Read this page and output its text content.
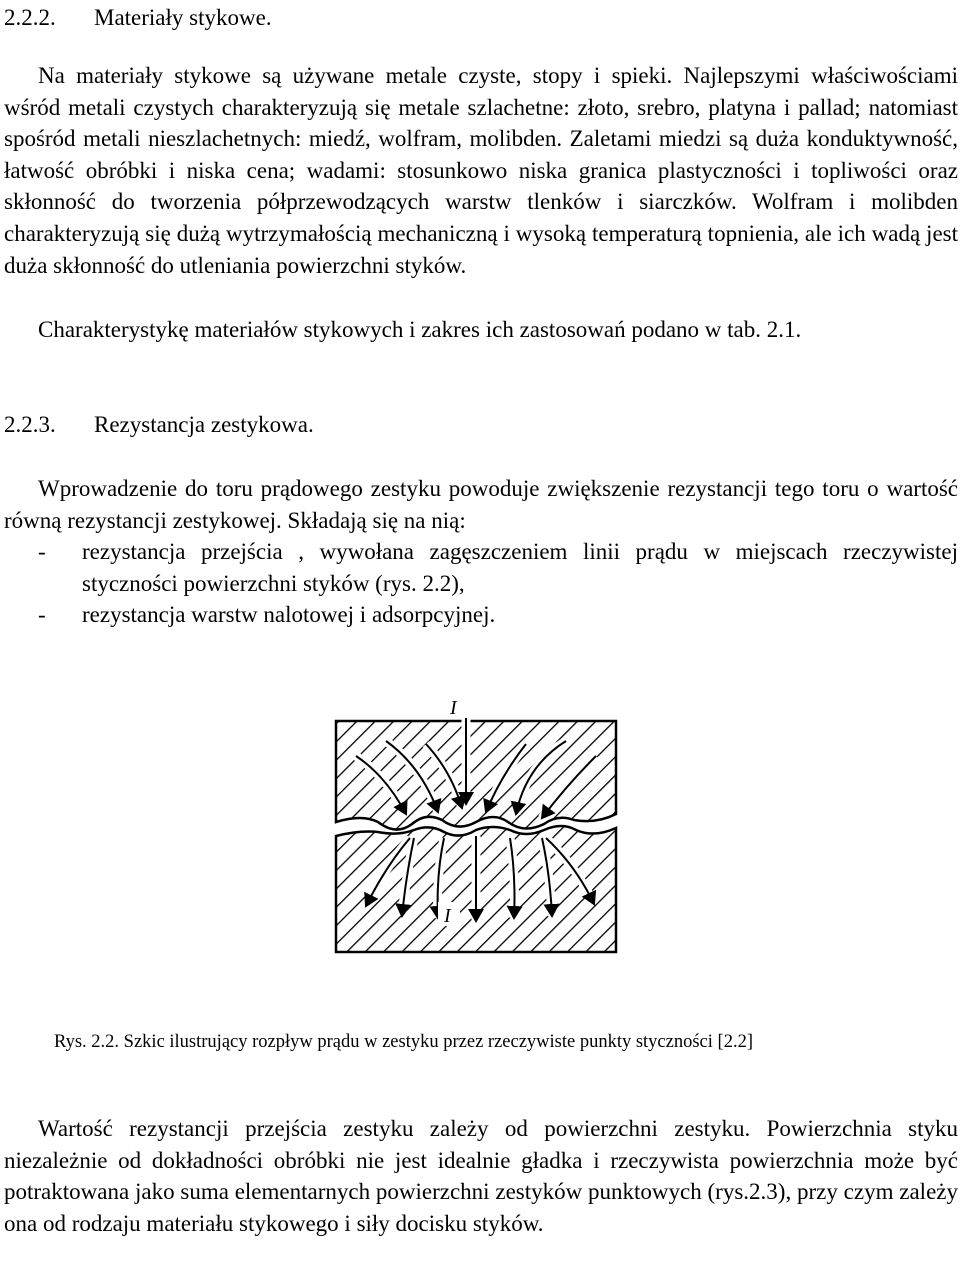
2.2.2. Materiały stykowe.

Na materiały stykowe są używane metale czyste, stopy i spieki. Najlepszymi właściwościami wśród metali czystych charakteryzują się metale szlachetne: złoto, srebro, platyna i pallad; natomiast spośród metali nieszlachetnych: miedź, wolfram, molibden. Zaletami miedzi są duża konduktywność, łatwość obróbki i niska cena; wadami: stosunkowo niska granica plastyczności i topliwości oraz skłonność do tworzenia półprzewodzących warstw tlenków i siarczków. Wolfram i molibden charakteryzują się dużą wytrzymałością mechaniczną i wysoką temperaturą topnienia, ale ich wadą jest duża skłonność do utleniania powierzchni styków.

Charakterystykę materiałów stykowych i zakres ich zastosowań podano w tab. 2.1.

2.2.3. Rezystancja zestykowa.

Wprowadzenie do toru prądowego zestyku powoduje zwiększenie rezystancji tego toru o wartość równą rezystancji zestykowej. Składają się na nią:

- rezystancja przejścia , wywołana zagęszczeniem linii prądu w miejscach rzeczywistej styczności powierzchni styków (rys. 2.2),
- rezystancja warstw nalotowej i adsorpcyjnej.
I
I
Rys. 2.2. Szkic ilustrujący rozpływ prądu w zestyku przez rzeczywiste punkty styczności [2.2]

Wartość rezystancji przejścia zestyku zależy od powierzchni zestyku. Powierzchnia styku niezależnie od dokładności obróbki nie jest idealnie gładka i rzeczywista powierzchnia może być potraktowana jako suma elementarnych powierzchni zestyków punktowych (rys.2.3), przy czym zależy ona od rodzaju materiału stykowego i siły docisku styków.
